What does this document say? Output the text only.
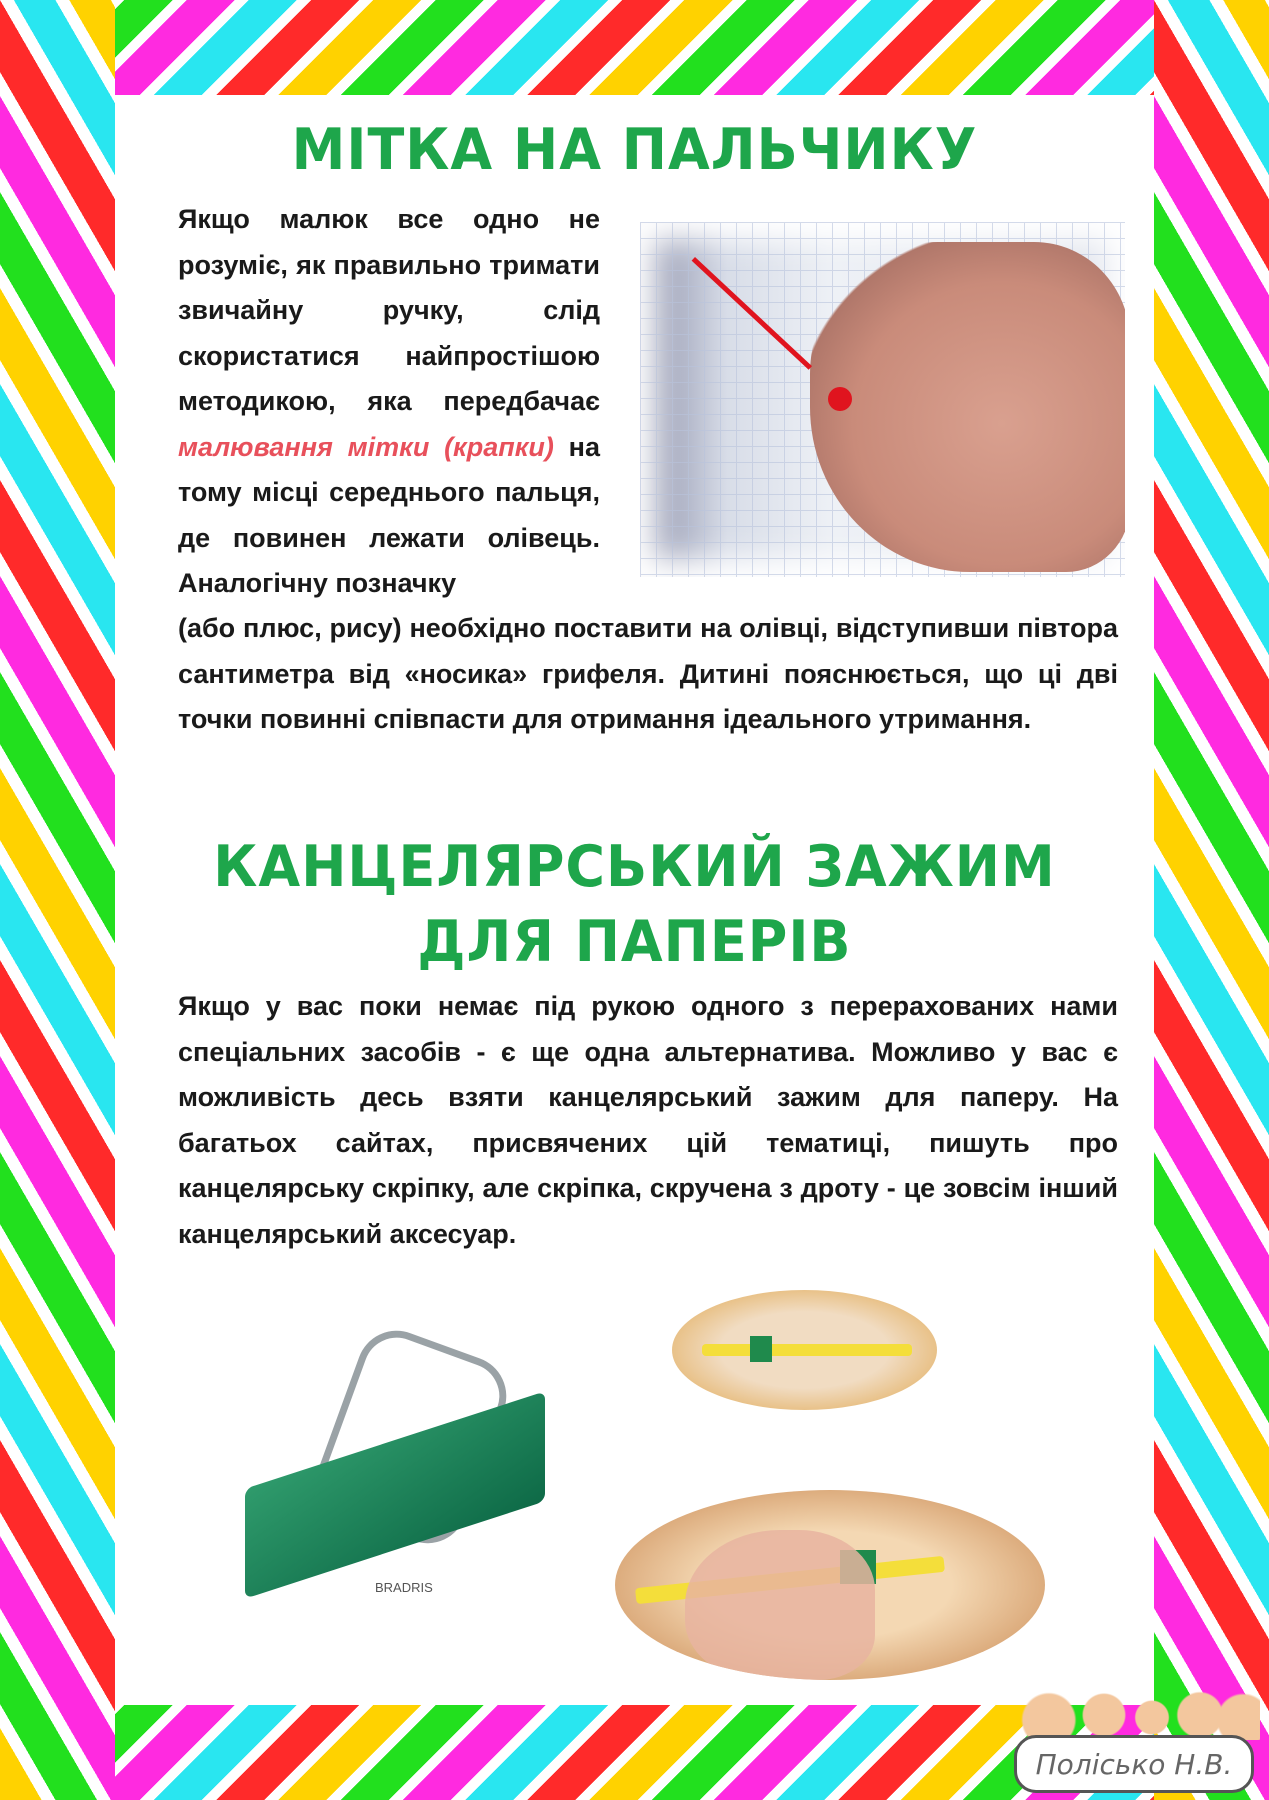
МІТКА НА ПАЛЬЧИКУ
Якщо малюк все одно не розуміє, як правильно тримати звичайну ручку, слід скористатися найпростішою методикою, яка передбачає малювання мітки (крапки) на тому місці середнього пальця, де повинен лежати олівець. Аналогічну позначку
(або плюс, рису) необхідно поставити на олівці, відступивши півтора сантиметра від «носика» грифеля. Дитині пояснюється, що ці дві точки повинні співпасти для отримання ідеального утримання.
КАНЦЕЛЯРСЬКИЙ ЗАЖИМ
ДЛЯ ПАПЕРІВ
Якщо у вас поки немає під рукою одного з перерахованих нами спеціальних засобів - є ще одна альтернатива. Можливо у вас є можливість десь взяти канцелярський зажим для паперу. На багатьох сайтах, присвячених цій тематиці, пишуть про канцелярську скріпку, але скріпка, скручена з дроту - це зовсім інший канцелярський аксесуар.
BRADRIS
Полісько Н.В.
